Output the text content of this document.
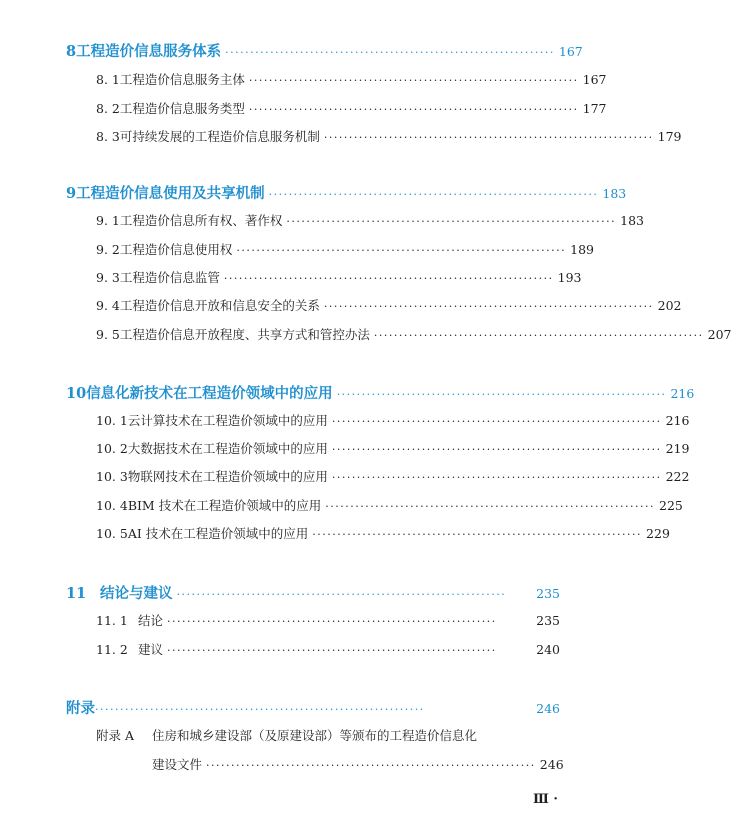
8 工程造价信息服务体系 ·································································· 167
8. 1 工程造价信息服务主体 ·································································· 167
8. 2 工程造价信息服务类型 ·································································· 177
8. 3 可持续发展的工程造价信息服务机制 ·································································· 179
9 工程造价信息使用及共享机制 ·································································· 183
9. 1 工程造价信息所有权、著作权 ·································································· 183
9. 2 工程造价信息使用权 ·································································· 189
9. 3 工程造价信息监管 ·································································· 193
9. 4 工程造价信息开放和信息安全的关系 ·································································· 202
9. 5 工程造价信息开放程度、共享方式和管控办法 ·································································· 207
10 信息化新技术在工程造价领域中的应用 ·································································· 216
10. 1 云计算技术在工程造价领域中的应用 ·································································· 216
10. 2 大数据技术在工程造价领域中的应用 ·································································· 219
10. 3 物联网技术在工程造价领域中的应用 ·································································· 222
10. 4 BIM 技术在工程造价领域中的应用 ·································································· 225
10. 5 AI 技术在工程造价领域中的应用 ·································································· 229
11 结论与建议 ··································································	235
11. 1 结论 ··································································	235
11. 2 建议 ··································································	240
附录 ··································································	246
附录 A	住房和城乡建设部（及原建设部）等颁布的工程造价信息化
建设文件 ·································································· 246
Ⅲ ·
